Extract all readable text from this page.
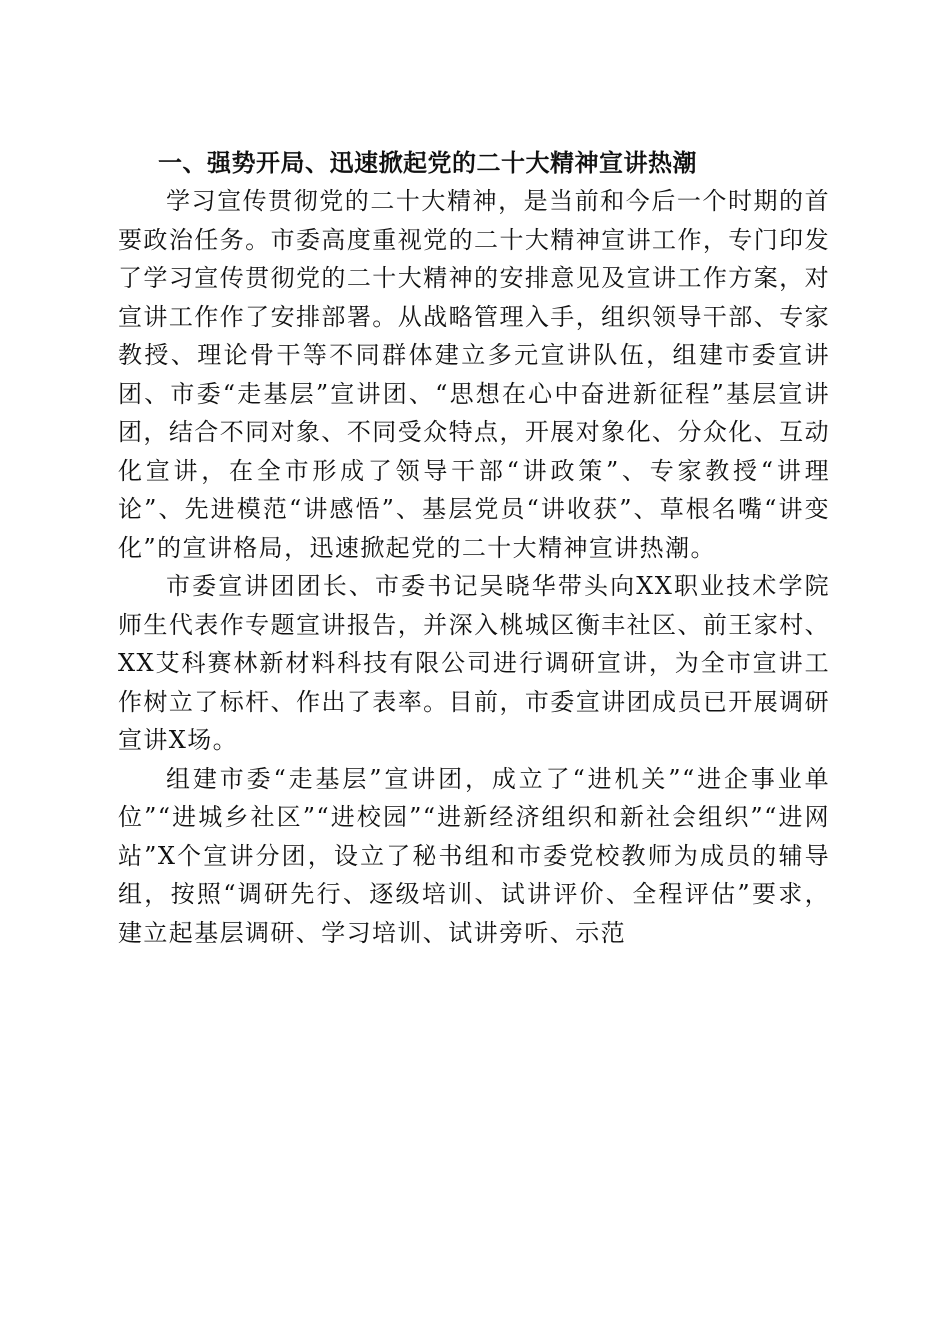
一、强势开局、迅速掀起党的二十大精神宣讲热潮

学习宣传贯彻党的二十大精神，是当前和今后一个时期的首要政治任务。市委高度重视党的二十大精神宣讲工作，专门印发了学习宣传贯彻党的二十大精神的安排意见及宣讲工作方案，对宣讲工作作了安排部署。从战略管理入手，组织领导干部、专家教授、理论骨干等不同群体建立多元宣讲队伍，组建市委宣讲团、市委“走基层”宣讲团、“思想在心中奋进新征程”基层宣讲团，结合不同对象、不同受众特点，开展对象化、分众化、互动化宣讲，在全市形成了领导干部“讲政策”、专家教授“讲理论”、先进模范“讲感悟”、基层党员“讲收获”、草根名嘴“讲变化”的宣讲格局，迅速掀起党的二十大精神宣讲热潮。

市委宣讲团团长、市委书记吴晓华带头向XX职业技术学院师生代表作专题宣讲报告，并深入桃城区衡丰社区、前王家村、XX艾科赛林新材料科技有限公司进行调研宣讲，为全市宣讲工作树立了标杆、作出了表率。目前，市委宣讲团成员已开展调研宣讲X场。

组建市委“走基层”宣讲团，成立了“进机关”“进企事业单位”“进城乡社区”“进校园”“进新经济组织和新社会组织”“进网站”X个宣讲分团，设立了秘书组和市委党校教师为成员的辅导组，按照“调研先行、逐级培训、试讲评价、全程评估”要求，建立起基层调研、学习培训、试讲旁听、示范
